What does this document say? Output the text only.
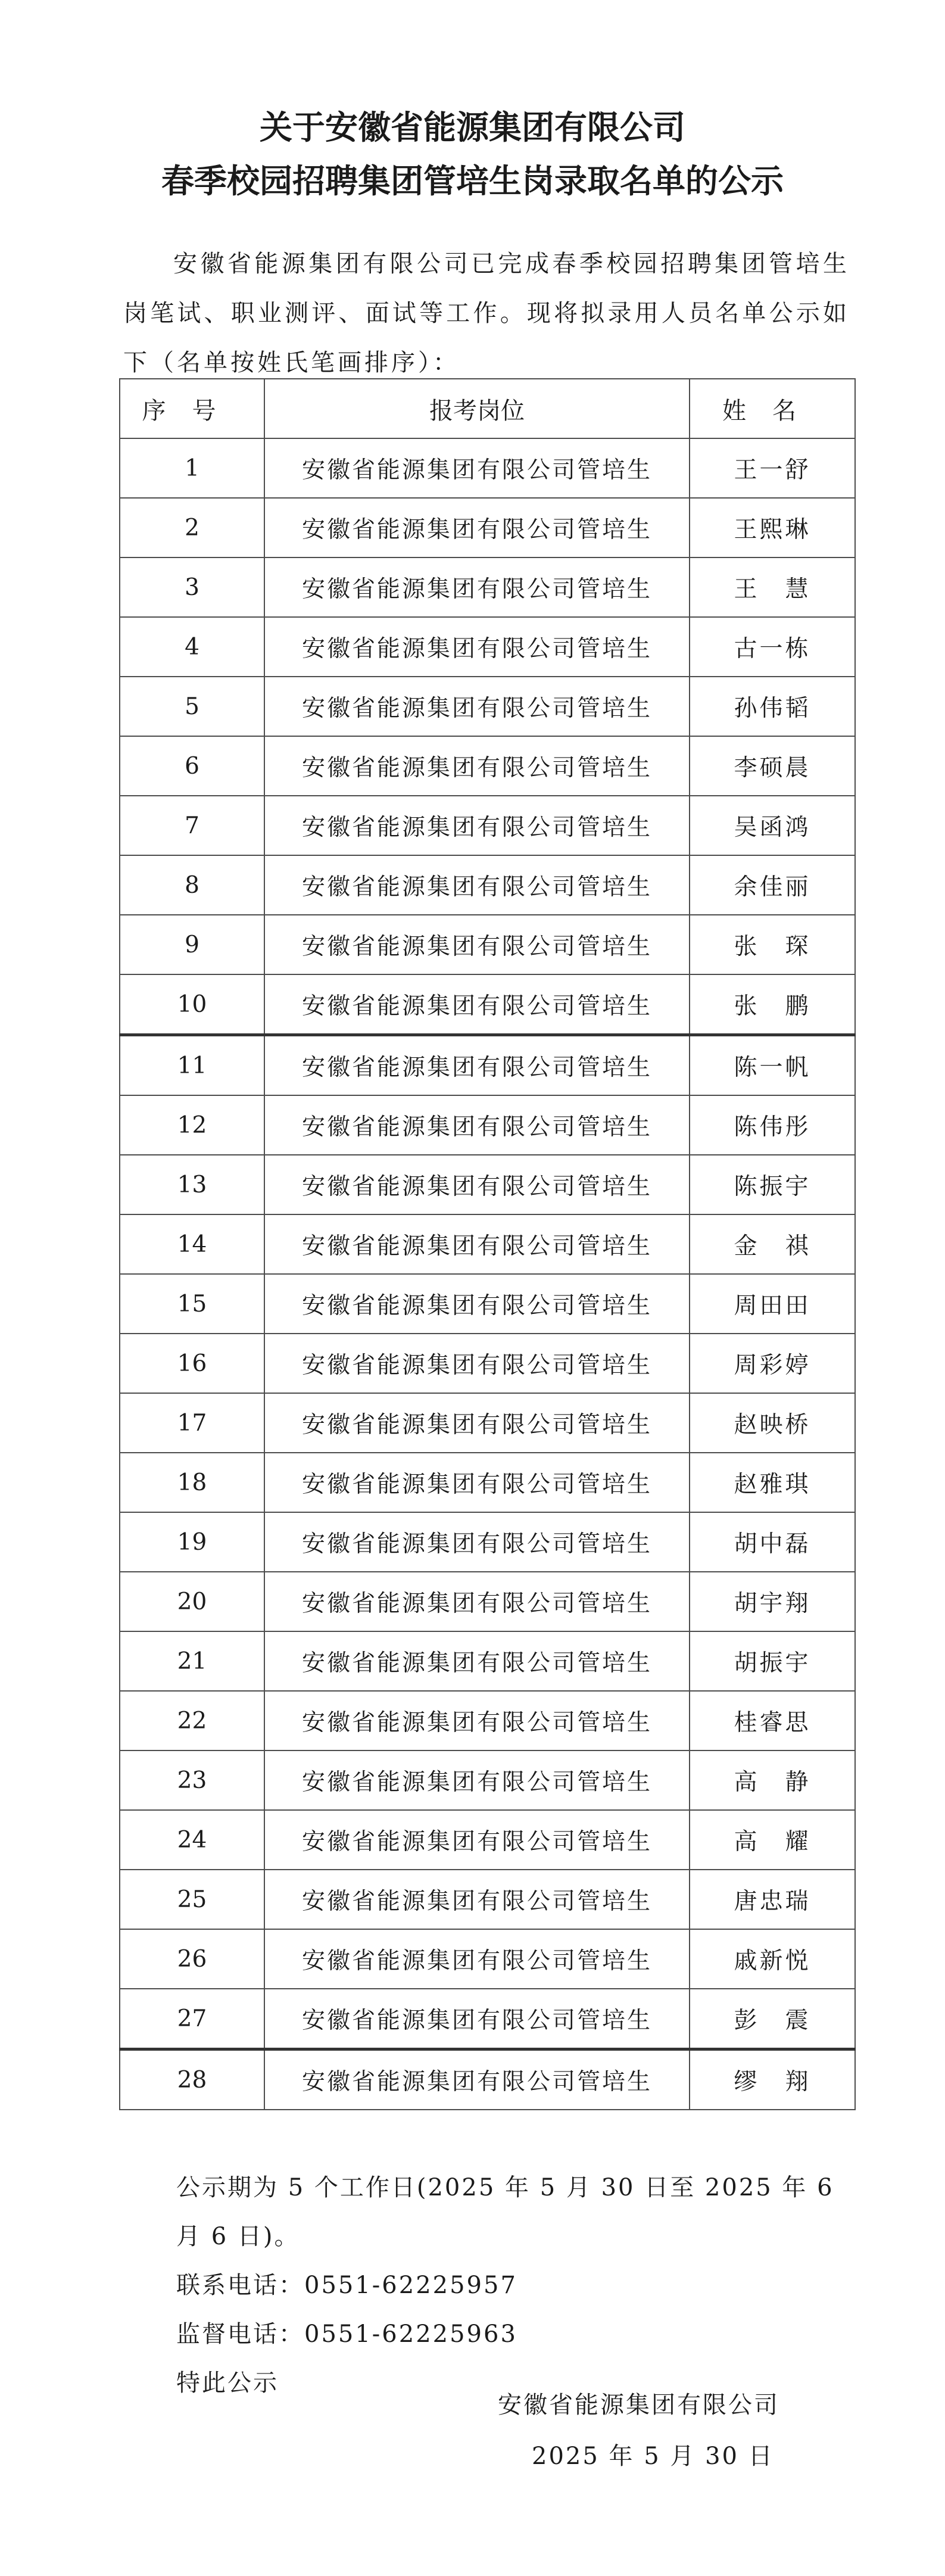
关于安徽省能源集团有限公司
春季校园招聘集团管培生岗录取名单的公示
安徽省能源集团有限公司已完成春季校园招聘集团管培生岗笔试、职业测评、面试等工作。现将拟录用人员名单公示如下（名单按姓氏笔画排序）：
序号	报考岗位	姓名
1	安徽省能源集团有限公司管培生	王一舒
2	安徽省能源集团有限公司管培生	王熙琳
3	安徽省能源集团有限公司管培生	王　慧
4	安徽省能源集团有限公司管培生	古一栋
5	安徽省能源集团有限公司管培生	孙伟韬
6	安徽省能源集团有限公司管培生	李硕晨
7	安徽省能源集团有限公司管培生	吴函鸿
8	安徽省能源集团有限公司管培生	余佳丽
9	安徽省能源集团有限公司管培生	张　琛
10	安徽省能源集团有限公司管培生	张　鹏
11	安徽省能源集团有限公司管培生	陈一帆
12	安徽省能源集团有限公司管培生	陈伟彤
13	安徽省能源集团有限公司管培生	陈振宇
14	安徽省能源集团有限公司管培生	金　祺
15	安徽省能源集团有限公司管培生	周田田
16	安徽省能源集团有限公司管培生	周彩婷
17	安徽省能源集团有限公司管培生	赵映桥
18	安徽省能源集团有限公司管培生	赵雅琪
19	安徽省能源集团有限公司管培生	胡中磊
20	安徽省能源集团有限公司管培生	胡宇翔
21	安徽省能源集团有限公司管培生	胡振宇
22	安徽省能源集团有限公司管培生	桂睿思
23	安徽省能源集团有限公司管培生	高　静
24	安徽省能源集团有限公司管培生	高　耀
25	安徽省能源集团有限公司管培生	唐忠瑞
26	安徽省能源集团有限公司管培生	戚新悦
27	安徽省能源集团有限公司管培生	彭　震
28	安徽省能源集团有限公司管培生	缪　翔
公示期为 5 个工作日(2025 年 5 月 30 日至 2025 年 6 月 6 日)。
联系电话：0551-62225957
监督电话：0551-62225963
特此公示
安徽省能源集团有限公司
2025 年 5 月 30 日
